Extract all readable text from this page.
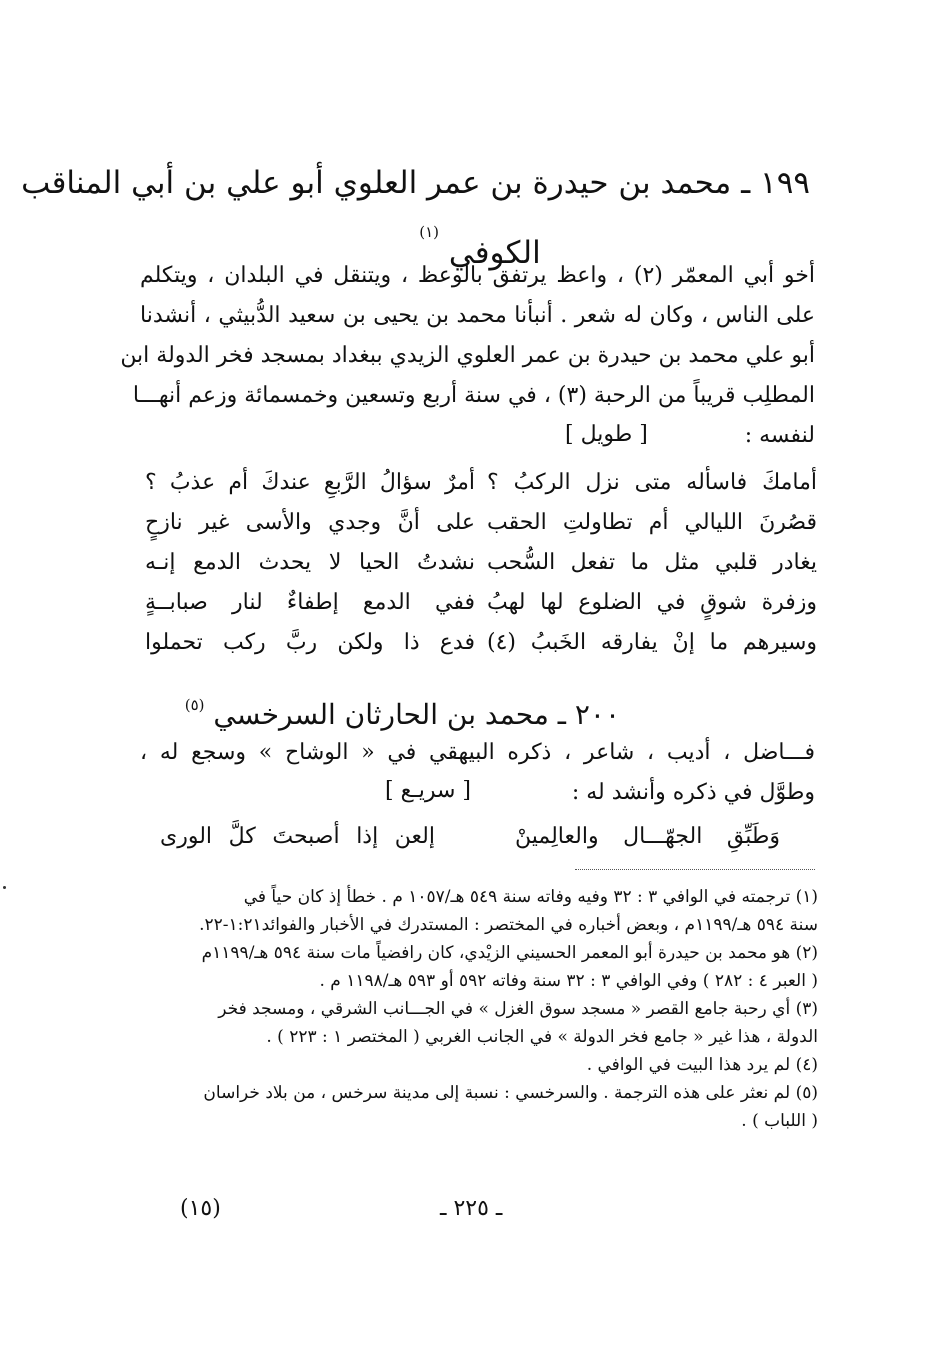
١٩٩ ـ محمد بن حيدرة بن عمر العلوي أبو علي بن أبي المناقب
الكوفي $^{(١)}$
أخو أبي المعمّر (٢) ، واعظ يرتفق بالوعظ ، ويتنقل في البلدان ، ويتكلم
على الناس ، وكان له شعر . أنبأنا محمد بن يحيى بن سعيد الدُّبيثي ، أنشدنا
أبو علي محمد بن حيدرة بن عمر العلوي الزيدي ببغداد بمسجد فخر الدولة ابن
المطلِب قريباً من الرحبة (٣) ، في سنة أربع وتسعين وخمسمائة وزعم أنهـــا
لنفسه :
[ طويل ]
أمرٌ سؤالُ الرَّبعِ عندكَ أم عذبُ ؟ أمامكَ فاسأله متى نزل الركبُ ؟
على أنَّ وجدي والأسى غير نازحٍ قصُرنَ الليالي أم تطاولتِ الحقب
نشدتُ الحيا لا يحدث الدمع إنـه يغادر قلبي مثل ما تفعل السُّحب
ففي الدمع إطفاءٌ لنار صبابــةٍ وزفرة شوقٍ في الضلوع لها لهبُ
فدع ذا ولكن ربَّ ركب تحملوا وسيرهم ما إنْ يفارقه الخَببُ (٤)
٢٠٠ ـ محمد بن الحارثان السرخسي $^{(٥)}$
فـــاضل ، أديب ، شاعر ، ذكره البيهقي في « الوشاح » وسجع له ،
وطوَّل في ذكره وأنشد له :
[ سريـع ]
إلعن إذا أصبحتَ كلَّ الورى	وَطَبِّقِ الجهّـــال والعالِمينْ
(١) ترجمته في الوافي ٣ : ٣٢ وفيه وفاته سنة ٥٤٩ هـ/١٠٥٧ م . خطأ إذ كان حياً في
سنة ٥٩٤ هـ/١١٩٩م ، وبعض أخباره في المختصر : المستدرك في الأخبار والفوائد١:٢١-٢٢.
(٢) هو محمد بن حيدرة أبو المعمر الحسيني الزيْدي، كان رافضياً مات سنة ٥٩٤ هـ/١١٩٩م
( العبر ٤ : ٢٨٢ ) وفي الوافي ٣ : ٣٢ سنة وفاته ٥٩٢ أو ٥٩٣ هـ/١١٩٨ م .
(٣) أي رحبة جامع القصر « مسجد سوق الغزل » في الجـــانب الشرقي ، ومسجد فخر
الدولة ، هذا غير « جامع فخر الدولة » في الجانب الغربي ( المختصر ١ : ٢٢٣ ) .
(٤) لم يرد هذا البيت في الوافي .
(٥) لم نعثر على هذه الترجمة . والسرخسي : نسبة إلى مدينة سرخس ، من بلاد خراسان
( اللباب ) .
ـ ٢٢٥ ـ
(١٥)
